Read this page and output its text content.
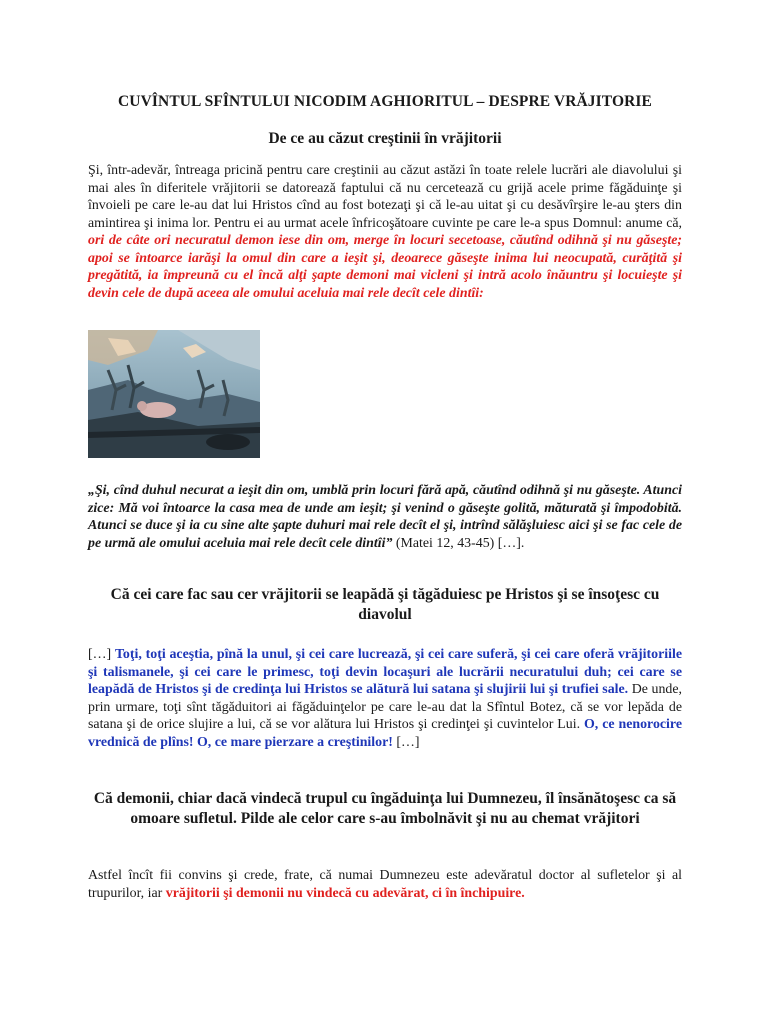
CUVÎNTUL SFÎNTULUI NICODIM AGHIORITUL – DESPRE VRĂJITORIE
De ce au căzut creştinii în vrăjitorii
Şi, într-adevăr, întreaga pricină pentru care creştinii au căzut astăzi în toate relele lucrări ale diavolului şi mai ales în diferitele vrăjitorii se datorează faptului că nu cercetează cu grijă acele prime făgăduinţe şi învoieli pe care le-au dat lui Hristos cînd au fost botezaţi şi că le-au uitat şi cu desăvîrşire le-au şters din amintirea şi inima lor. Pentru ei au urmat acele înfricoşătoare cuvinte pe care le-a spus Domnul: anume că, ori de câte ori necuratul demon iese din om, merge în locuri secetoase, căutînd odihnă şi nu găseşte; apoi se întoarce iarăşi la omul din care a ieşit şi, deoarece găseşte inima lui neocupată, curăţită şi pregătită, ia împreună cu el încă alţi şapte demoni mai vicleni şi intră acolo înăuntru şi locuieşte şi devin cele de după aceea ale omului aceluia mai rele decît cele dintîi:
„Şi, cînd duhul necurat a ieşit din om, umblă prin locuri fără apă, căutînd odihnă şi nu găseşte. Atunci zice: Mă voi întoarce la casa mea de unde am ieşit; şi venind o găseşte golită, măturată şi împodobită. Atunci se duce şi ia cu sine alte şapte duhuri mai rele decît el şi, intrînd sălăşluiesc aici şi se fac cele de pe urmă ale omului aceluia mai rele decît cele dintîi” (Matei 12, 43-45) […].
Că cei care fac sau cer vrăjitorii se leapădă şi tăgăduiesc pe Hristos şi se însoţesc cu diavolul
[…] Toţi, toţi aceştia, pînă la unul, şi cei care lucrează, şi cei care suferă, şi cei care oferă vrăjitoriile şi talismanele, şi cei care le primesc, toţi devin locaşuri ale lucrării necuratului duh; cei care se leapădă de Hristos şi de credinţa lui Hristos se alătură lui satana şi slujirii lui şi trufiei sale. De unde, prin urmare, toţi sînt tăgăduitori ai făgăduinţelor pe care le-au dat la Sfîntul Botez, că se vor lepăda de satana şi de orice slujire a lui, că se vor alătura lui Hristos şi credinţei şi cuvintelor Lui. O, ce nenorocire vrednică de plîns! O, ce mare pierzare a creştinilor! […]
Că demonii, chiar dacă vindecă trupul cu îngăduinţa lui Dumnezeu, îl însănătoşesc ca să omoare sufletul. Pilde ale celor care s-au îmbolnăvit şi nu au chemat vrăjitori
Astfel încît fii convins şi crede, frate, că numai Dumnezeu este adevăratul doctor al sufletelor şi al trupurilor, iar vrăjitorii şi demonii nu vindecă cu adevărat, ci în închipuire.
